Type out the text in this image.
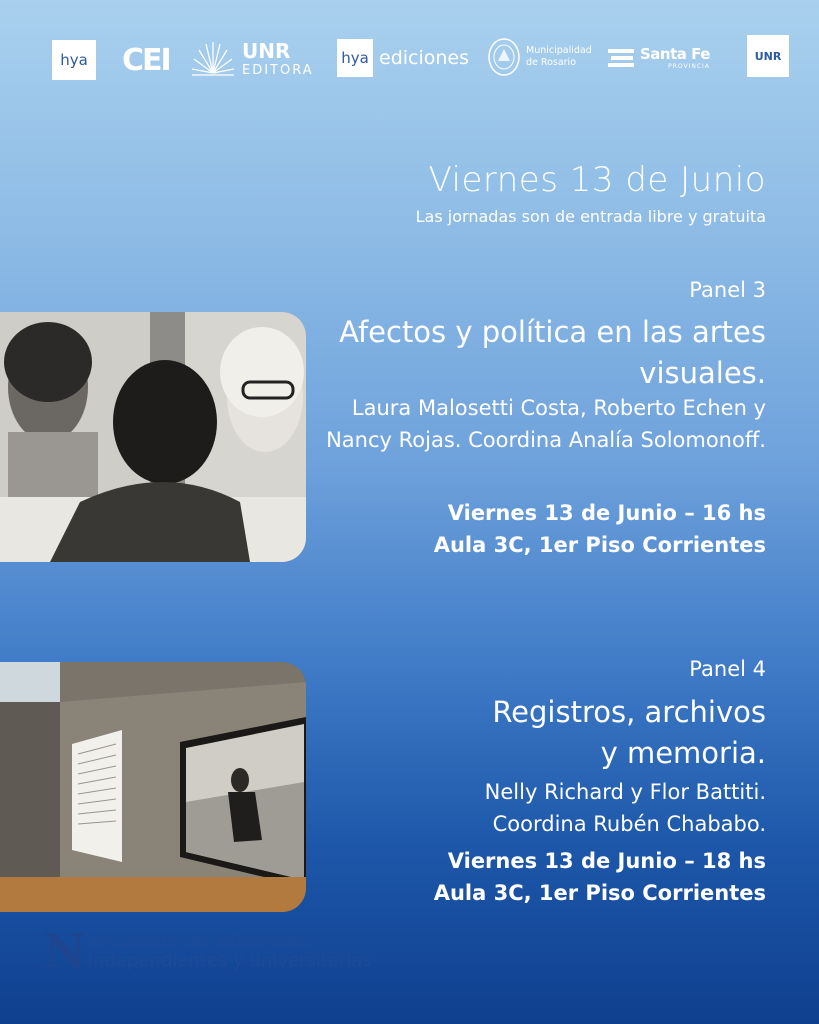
hya CEI	UNR
EDITORA
hya ediciones	Municipalidad
de Rosario	Santa Fe
PROVINCIA
UNR
Viernes 13 de Junio
Las jornadas son de entrada libre y gratuita
Panel 3
Afectos y política en las artes visuales.
Laura Malosetti Costa, Roberto Echen y Nancy Rojas. Coordina Analía Solomonoff.
Viernes 13 de Junio – 16 hs
Aula 3C, 1er Piso Corrientes
Panel 4
Registros, archivos
y memoria.
Nelly Richard y Flor Battiti.
Coordina Rubén Chababo.
Viernes 13 de Junio – 18 hs
Aula 3C, 1er Piso Corrientes
N encuentro de editoriales
independientes y universitarias
